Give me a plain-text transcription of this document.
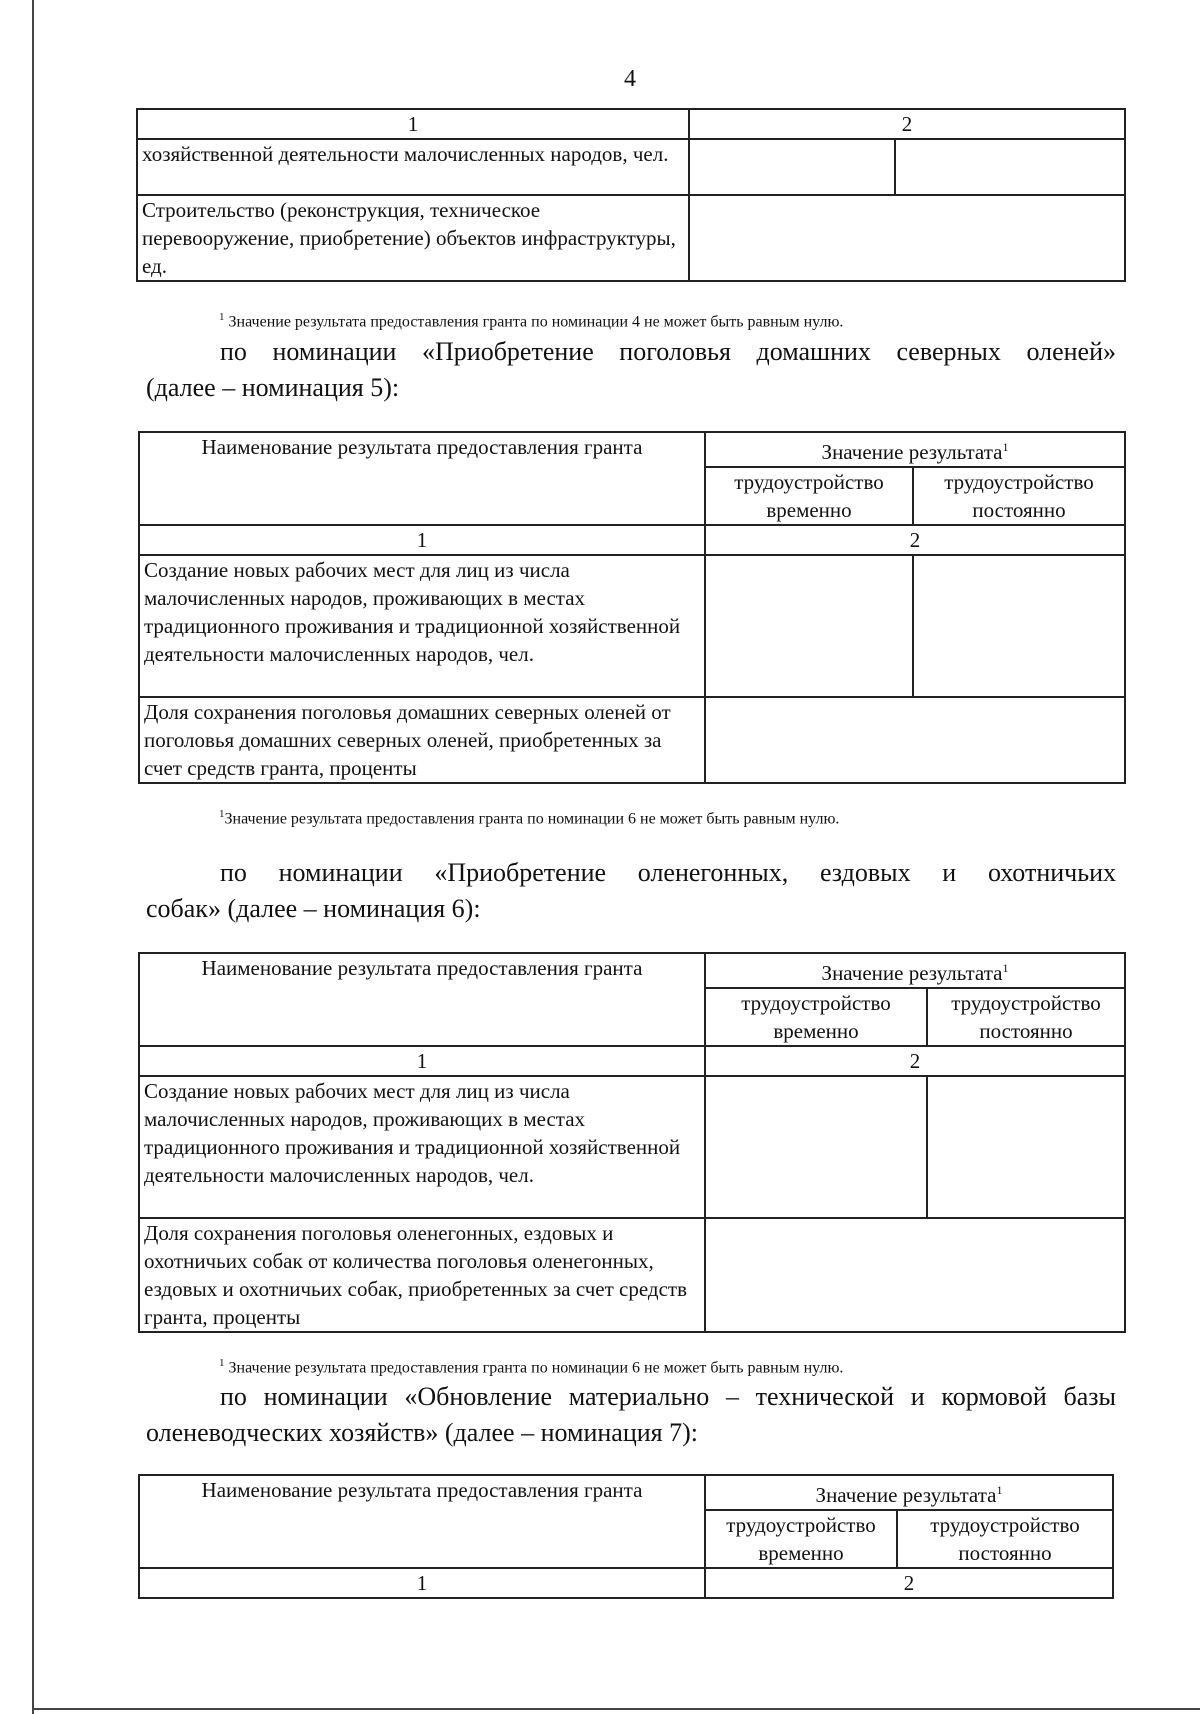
4
1	2	
хозяйственной деятельности малочисленных народов, чел.		
Строительство (реконструкция, техническое перевооружение, приобретение) объектов инфраструктуры, ед.		
$^1$ Значение результата предоставления гранта по номинации 4 не может быть равным нулю.
по номинации «Приобретение поголовья домашних северных оленей»
(далее – номинация 5):
Наименование результата предоставления гранта	Значение результата$^1$
	трудоустройство временно	трудоустройство постоянно
1	2	
Создание новых рабочих мест для лиц из числа малочисленных народов, проживающих в местах традиционного проживания и традиционной хозяйственной деятельности малочисленных народов, чел.		
Доля сохранения поголовья домашних северных оленей от поголовья домашних северных оленей, приобретенных за счет средств гранта, проценты		
$^1$Значение результата предоставления гранта по номинации 6 не может быть равным нулю.
по номинации «Приобретение оленегонных, ездовых и охотничьих
собак» (далее – номинация 6):
Наименование результата предоставления гранта	Значение результата$^1$
	трудоустройство временно	трудоустройство постоянно
1	2	
Создание новых рабочих мест для лиц из числа малочисленных народов, проживающих в местах традиционного проживания и традиционной хозяйственной деятельности малочисленных народов, чел.		
Доля сохранения поголовья оленегонных, ездовых и охотничьих собак от количества поголовья оленегонных, ездовых и охотничьих собак, приобретенных за счет средств гранта, проценты		
$^1$ Значение результата предоставления гранта по номинации 6 не может быть равным нулю.
по номинации «Обновление материально – технической и кормовой базы
оленеводческих хозяйств» (далее – номинация 7):
Наименование результата предоставления гранта	Значение результата$^1$
	трудоустройство временно	трудоустройство постоянно
1	2	
